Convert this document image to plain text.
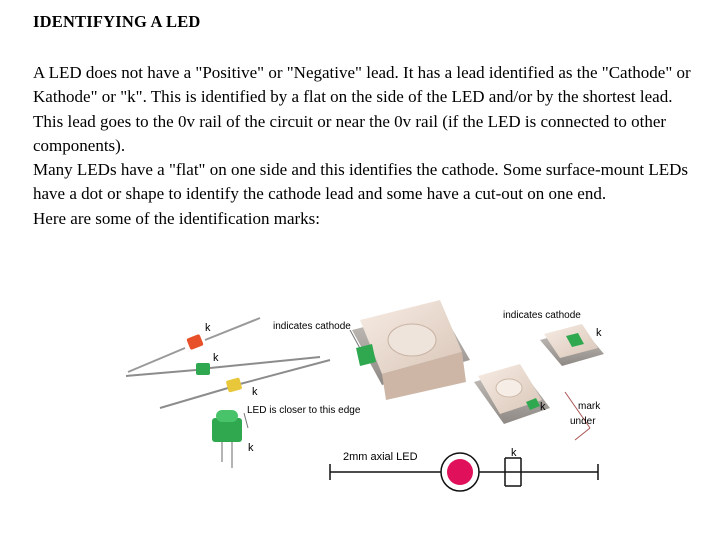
IDENTIFYING A LED

A LED does not have a "Positive" or "Negative" lead. It has a lead identified as the "Cathode" or Kathode" or "k". This is identified by a flat on the side of the LED and/or by the shortest lead.

This lead goes to the 0v rail of the circuit or near the 0v rail (if the LED is connected to other components).

Many LEDs have a "flat" on one side and this identifies the cathode. Some surface-mount LEDs have a dot or shape to identify the cathode lead and some have a cut-out on one end.

Here are some of the identification marks:

k
k
k
k
indicates cathode
indicates cathode
k
LED is closer to this edge	k	mark
under
2mm axial LED	k
